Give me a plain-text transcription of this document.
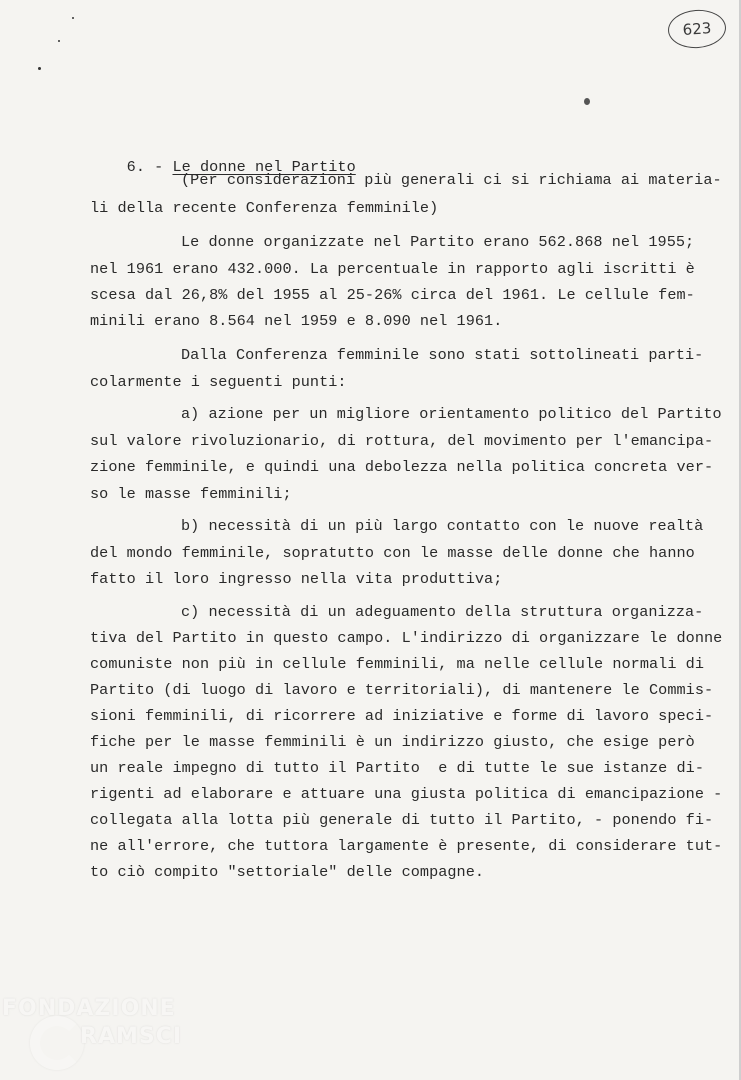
623

6. - Le donne nel Partito

(Per considerazioni più generali ci si richiama ai materia-
li della recente Conferenza femminile)
Le donne organizzate nel Partito erano 562.868 nel 1955;
nel 1961 erano 432.000. La percentuale in rapporto agli iscritti è
scesa dal 26,8% del 1955 al 25-26% circa del 1961. Le cellule fem-
minili erano 8.564 nel 1959 e 8.090 nel 1961.
Dalla Conferenza femminile sono stati sottolineati parti-
colarmente i seguenti punti:
a) azione per un migliore orientamento politico del Partito
sul valore rivoluzionario, di rottura, del movimento per l'emancipa-
zione femminile, e quindi una debolezza nella politica concreta ver-
so le masse femminili;
b) necessità di un più largo contatto con le nuove realtà
del mondo femminile, sopratutto con le masse delle donne che hanno
fatto il loro ingresso nella vita produttiva;
c) necessità di un adeguamento della struttura organizza-
tiva del Partito in questo campo. L'indirizzo di organizzare le donne
comuniste non più in cellule femminili, ma nelle cellule normali di
Partito (di luogo di lavoro e territoriali), di mantenere le Commis-
sioni femminili, di ricorrere ad iniziative e forme di lavoro speci-
fiche per le masse femminili è un indirizzo giusto, che esige però
un reale impegno di tutto il Partito  e di tutte le sue istanze di-
rigenti ad elaborare e attuare una giusta politica di emancipazione -
collegata alla lotta più generale di tutto il Partito, - ponendo fi-
ne all'errore, che tuttora largamente è presente, di considerare tut-
to ciò compito "settoriale" delle compagne.
FONDAZIONE
RAMSCI
